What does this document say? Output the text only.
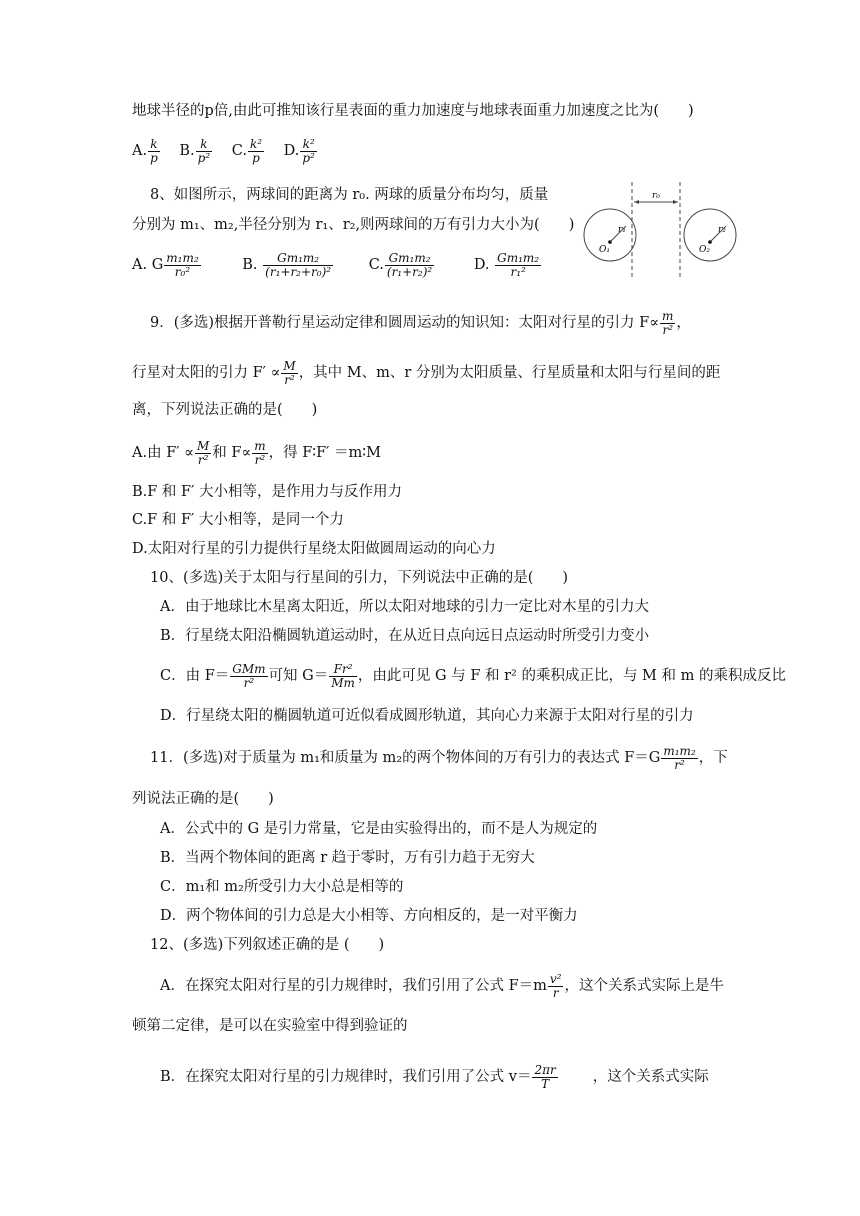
地球半径的p倍,由此可推知该行星表面的重力加速度与地球表面重力加速度之比为(　　)
A. $\frac{k}{p} B$. $\frac{k}{\text{p²}} C$. $\frac{\text{k²}}{p} D$. $\frac{\text{k²}}{\text{p²}}$
8、如图所示，两球间的距离为 r₀. 两球的质量分布均匀，质量
分别为 m₁、m₂,半径分别为 r₁、r₂,则两球间的万有引力大小为(　　)
A. G $\frac{\text{m₁m₂}}{\text{r₀²}}$	B. $\frac{\text{Gm₁m₂}}{\text{(r₁+r₂+r₀)²}} C$. $\frac{\text{Gm₁m₂}}{\text{(r₁+r₂)²}}$	D. $\frac{\text{Gm₁m₂}}{\text{r₁²}}$
r₀
r₁
O₁
r₂
O₂
9．(多选)根据开普勒行星运动定律和圆周运动的知识知：太阳对行星的引力 $F\propto \frac{m}{\text{r²}}$ ，
行星对太阳的引力 $F' \propto \frac{M}{\text{r²}}$ ，其中 M、m、r 分别为太阳质量、行星质量和太阳与行星间的距
离，下列说法正确的是(　　)
A.由 $F' \propto \frac{M}{\text{r²}}$ 和 $F\propto \frac{m}{\text{r²}}$ ，得 F∶F′ ＝m∶M
B.F 和 F′ 大小相等，是作用力与反作用力
C.F 和 F′ 大小相等，是同一个力
D.太阳对行星的引力提供行星绕太阳做圆周运动的向心力
10、(多选)关于太阳与行星间的引力，下列说法中正确的是(　　)
A．由于地球比木星离太阳近，所以太阳对地球的引力一定比对木星的引力大
B．行星绕太阳沿椭圆轨道运动时，在从近日点向远日点运动时所受引力变小
C．由 $F= \frac{\text{GMm}}{\text{r²}}$ 可知 $G= \frac{\text{Fr²}}{Mm}$ ，由此可见 G 与 F 和 r² 的乘积成正比，与 M 和 m 的乘积成反比
D．行星绕太阳的椭圆轨道可近似看成圆形轨道，其向心力来源于太阳对行星的引力
11．(多选)对于质量为 m₁和质量为 m₂的两个物体间的万有引力的表达式 $F=G \frac{\text{m₁m₂}}{\text{r²}}$ ，下
列说法正确的是(　　)
A．公式中的 G 是引力常量，它是由实验得出的，而不是人为规定的
B．当两个物体间的距离 r 趋于零时，万有引力趋于无穷大
C．m₁和 m₂所受引力大小总是相等的
D．两个物体间的引力总是大小相等、方向相反的，是一对平衡力
12、(多选)下列叙述正确的是 (　　)
A．在探究太阳对行星的引力规律时，我们引用了公式 $F=m \frac{\text{v²}}{r}$ ，这个关系式实际上是牛
顿第二定律，是可以在实验室中得到验证的
B．在探究太阳对行星的引力规律时，我们引用了公式 $v= \frac{2\pi r}{T}$ ，这个关系式实际
